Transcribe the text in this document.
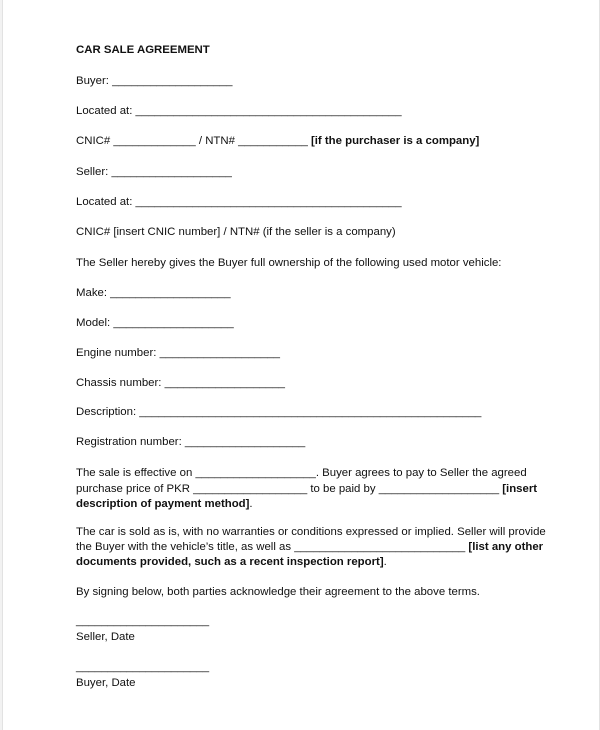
CAR SALE AGREEMENT

Buyer: ___________________

Located at: __________________________________________

CNIC# _____________ / NTN# ___________ [if the purchaser is a company]

Seller: ___________________

Located at: __________________________________________

CNIC# [insert CNIC number] / NTN# (if the seller is a company)

The Seller hereby gives the Buyer full ownership of the following used motor vehicle:

Make: ___________________

Model: ___________________

Engine number: ___________________

Chassis number: ___________________

Description: ______________________________________________________

Registration number: ___________________

The sale is effective on ___________________. Buyer agrees to pay to Seller the agreed

purchase price of PKR __________________ to be paid by ___________________ [insert

description of payment method].

The car is sold as is, with no warranties or conditions expressed or implied. Seller will provide

the Buyer with the vehicle’s title, as well as ___________________________ [list any other

documents provided, such as a recent inspection report].

By signing below, both parties acknowledge their agreement to the above terms.

_____________________

Seller, Date

_____________________

Buyer, Date
